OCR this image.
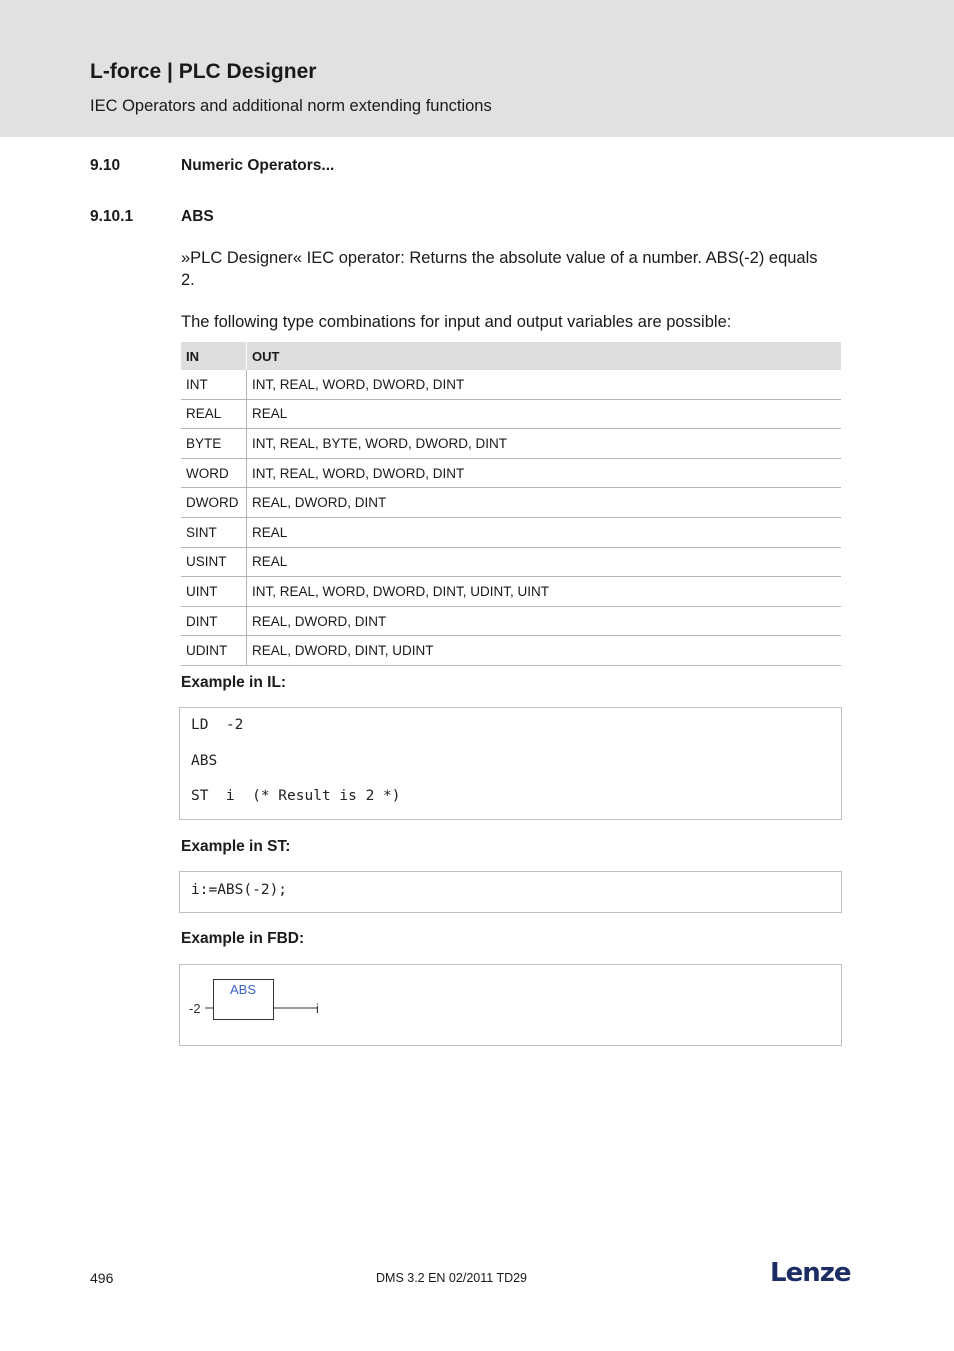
L-force | PLC Designer
IEC Operators and additional norm extending functions
9.10	Numeric Operators...
9.10.1	ABS
»PLC Designer« IEC operator: Returns the absolute value of a number. ABS(-2) equals
2.
The following type combinations for input and output variables are possible:
IN	OUT
INT	INT, REAL, WORD, DWORD, DINT
REAL	REAL
BYTE	INT, REAL, BYTE, WORD, DWORD, DINT
WORD	INT, REAL, WORD, DWORD, DINT
DWORD	REAL, DWORD, DINT
SINT	REAL
USINT	REAL
UINT	INT, REAL, WORD, DWORD, DINT, UDINT, UINT
DINT	REAL, DWORD, DINT
UDINT	REAL, DWORD, DINT, UDINT
Example in IL:
LD  -2
ABS
ST  i  (* Result is 2 *)
Example in ST:
i:=ABS(-2);
Example in FBD:
ABS
-2	i
496	DMS 3.2 EN 02/2011 TD29	Lenze
